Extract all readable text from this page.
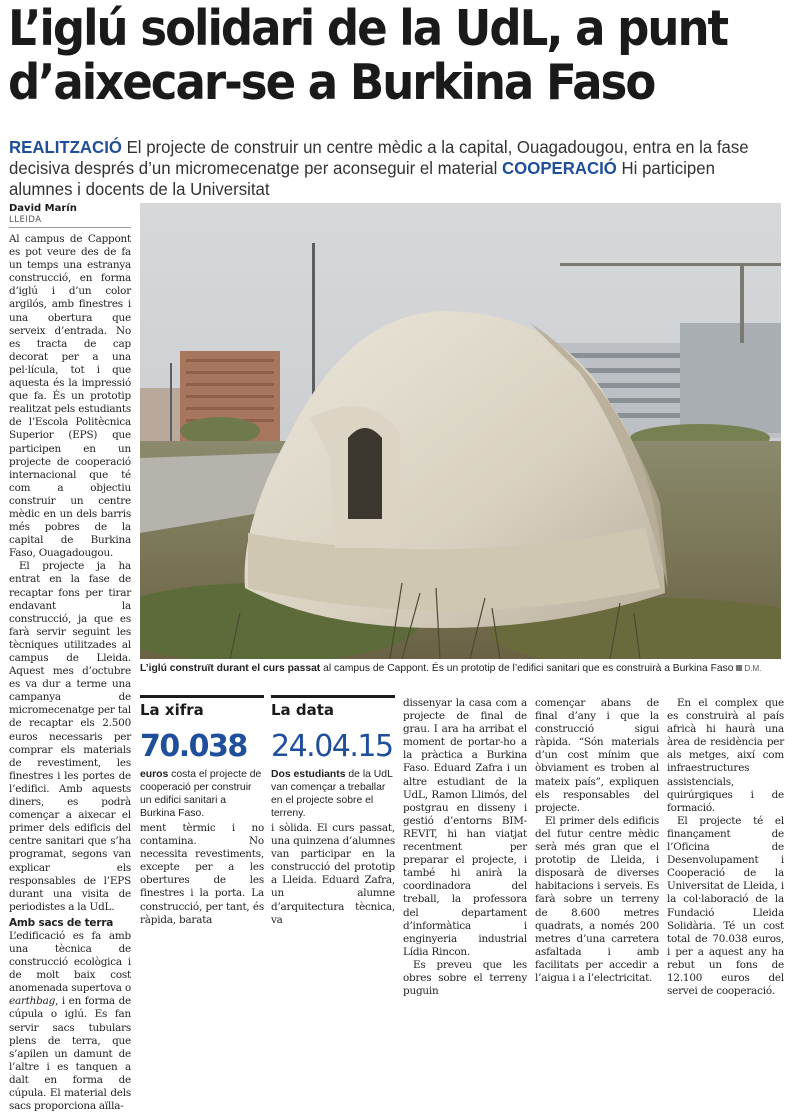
L’iglú solidari de la UdL, a punt
d’aixecar-se a Burkina Faso
REALITZACIÓ El projecte de construir un centre mèdic a la capital, Ouagadougou, entra en la fase decisiva després d’un micromecenatge per aconseguir el material COOPERACIÓ Hi participen alumnes i docents de la Universitat
David Marín
LLEIDA

Al campus de Cappont es pot veure des de fa un temps una estranya construcció, en forma d’iglú i d’un color argilós, amb finestres i una obertura que serveix d’entrada. No es tracta de cap decorat per a una pel·lícula, tot i que aquesta és la impressió que fa. És un prototip realitzat pels estudiants de l’Escola Politècnica Superior (EPS) que participen en un projecte de cooperació internacional que té com a objectiu construir un centre mèdic en un dels barris més pobres de la capital de Burkina Faso, Ouagadougou.

El projecte ja ha entrat en la fase de recaptar fons per tirar endavant la construcció, ja que es farà servir seguint les tècniques utilitzades al campus de Lleida. Aquest mes d’octubre es va dur a terme una campanya de micromecenatge per tal de recaptar els 2.500 euros necessaris per comprar els materials de revestiment, les finestres i les portes de l’edifici. Amb aquests diners, es podrà començar a aixecar el primer dels edificis del centre sanitari que s’ha programat, segons van explicar els responsables de l’EPS durant una visita de periodistes a la UdL.

Amb sacs de terra

L’edificació es fa amb una tècnica de construcció ecològica i de molt baix cost anomenada supertova o earthbag, i en forma de cúpula o iglú. Es fan servir sacs tubulars plens de terra, que s’apilen un damunt de l’altre i es tanquen a dalt en forma de cúpula. El material dels sacs proporciona aïlla-

L’iglú construït durant el curs passat al campus de Cappont. És un prototip de l’edifici sanitari que es construirà a Burkina Faso D.M.
La xifra
70.038
euros costa el projecte de cooperació per construir un edifici sanitari a Burkina Faso.
La data
24.04.15
Dos estudiants de la UdL van començar a treballar en el projecte sobre el terreny.

ment tèrmic i no contamina. No necessita revestiments, excepte per a les obertures de les finestres i la porta. La construcció, per tant, és ràpida, barata

i sòlida. El curs passat, una quinzena d’alumnes van participar en la construcció del prototip a Lleida. Eduard Zafra, un alumne d’arquitectura tècnica, va

dissenyar la casa com a projecte de final de grau. I ara ha arribat el moment de portar-ho a la pràctica a Burkina Faso. Eduard Zafra i un altre estudiant de la UdL, Ramon Llimós, del postgrau en disseny i gestió d’entorns BIM-REVIT, hi han viatjat recentment per preparar el projecte, i també hi anirà la coordinadora del treball, la professora del departament d’informàtica i enginyeria industrial Lídia Rincon.

Es preveu que les obres sobre el terreny puguin

començar abans de final d’any i que la construcció sigui ràpida. “Són materials d’un cost mínim que òbviament es troben al mateix país”, expliquen els responsables del projecte.

El primer dels edificis del futur centre mèdic serà més gran que el prototip de Lleida, i disposarà de diverses habitacions i serveis. Es farà sobre un terreny de 8.600 metres quadrats, a només 200 metres d’una carretera asfaltada i amb facilitats per accedir a l’aigua i a l’electricitat.

En el complex que es construirà al país africà hi haurà una àrea de residència per als metges, així com infraestructures assistencials, quirúrgiques i de formació.

El projecte té el finançament de l’Oficina de Desenvolupament i Cooperació de la Universitat de Lleida, i la col·laboració de la Fundació Lleida Solidària. Té un cost total de 70.038 euros, i per a aquest any ha rebut un fons de 12.100 euros del servei de cooperació.
